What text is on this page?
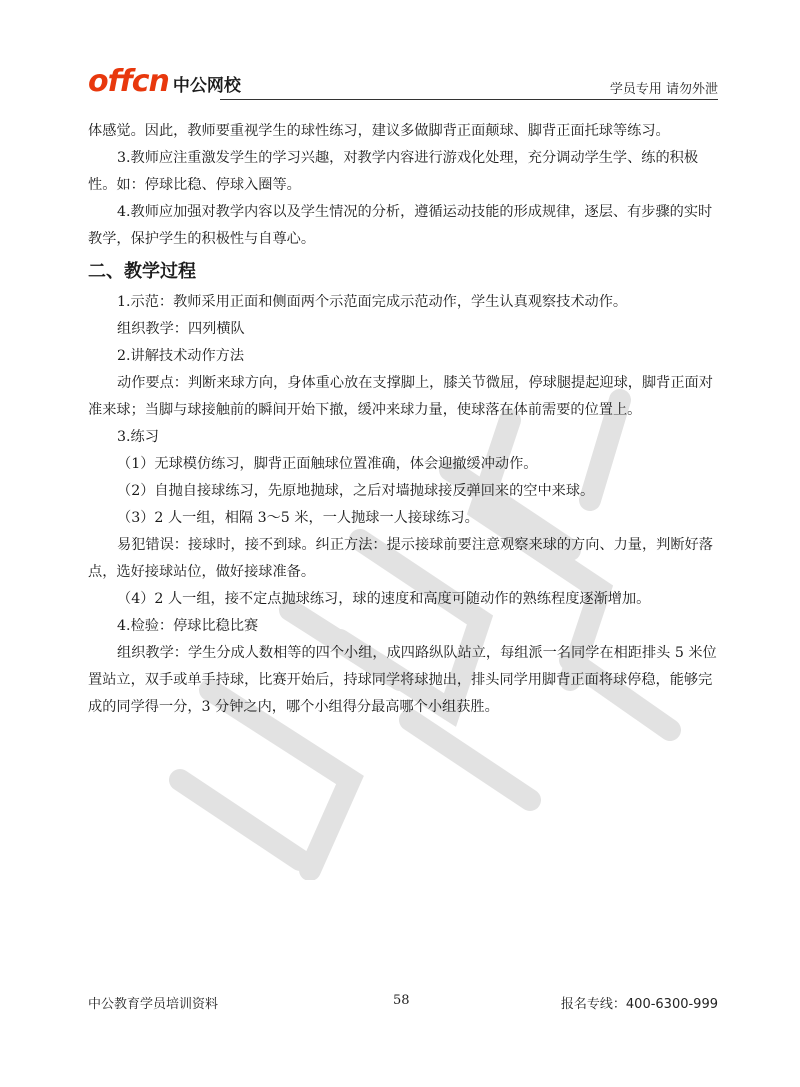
offcn 中公网校	学员专用 请勿外泄

体感觉。因此，教师要重视学生的球性练习，建议多做脚背正面颠球、脚背正面托球等练习。

3.教师应注重激发学生的学习兴趣，对教学内容进行游戏化处理，充分调动学生学、练的积极性。如：停球比稳、停球入圈等。

4.教师应加强对教学内容以及学生情况的分析，遵循运动技能的形成规律，逐层、有步骤的实时教学，保护学生的积极性与自尊心。

二、教学过程

1.示范：教师采用正面和侧面两个示范面完成示范动作，学生认真观察技术动作。

组织教学：四列横队

2.讲解技术动作方法

动作要点：判断来球方向，身体重心放在支撑脚上，膝关节微屈，停球腿提起迎球，脚背正面对准来球；当脚与球接触前的瞬间开始下撤，缓冲来球力量，使球落在体前需要的位置上。

3.练习

（1）无球模仿练习，脚背正面触球位置准确，体会迎撤缓冲动作。

（2）自抛自接球练习，先原地抛球，之后对墙抛球接反弹回来的空中来球。

（3）2 人一组，相隔 3～5 米，一人抛球一人接球练习。

易犯错误：接球时，接不到球。纠正方法：提示接球前要注意观察来球的方向、力量，判断好落点，选好接球站位，做好接球准备。

（4）2 人一组，接不定点抛球练习，球的速度和高度可随动作的熟练程度逐渐增加。

4.检验：停球比稳比赛

组织教学：学生分成人数相等的四个小组，成四路纵队站立，每组派一名同学在相距排头 5 米位置站立，双手或单手持球，比赛开始后，持球同学将球抛出，排头同学用脚背正面将球停稳，能够完成的同学得一分，3 分钟之内，哪个小组得分最高哪个小组获胜。

中公教育学员培训资料	58	报名专线：400-6300-999
